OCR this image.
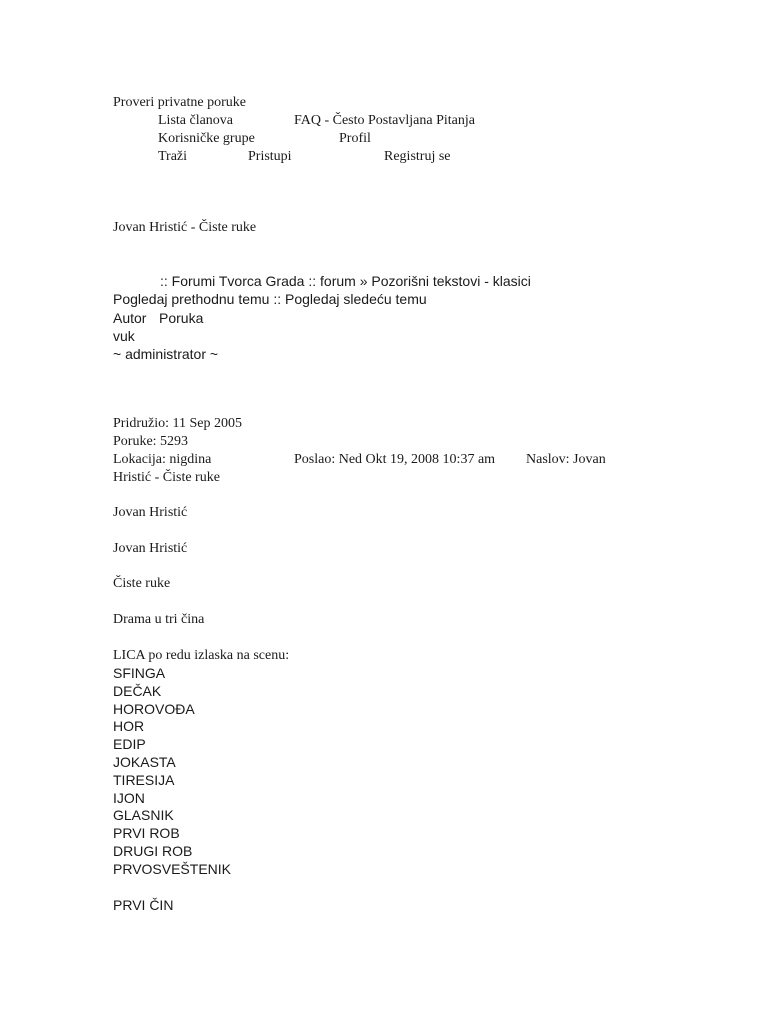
Proveri privatne poruke
Lista članova	FAQ - Često Postavljana Pitanja
Korisničke grupe	Profil
Traži	Pristupi	Registruj se
Jovan Hristić - Čiste ruke
:: Forumi Tvorca Grada :: forum » Pozorišni tekstovi - klasici
Pogledaj prethodnu temu :: Pogledaj sledeću temu
Autor Poruka
vuk
~ administrator ~
Pridružio: 11 Sep 2005
Poruke: 5293
Lokacija: nigdina	Poslao: Ned Okt 19, 2008 10:37 am Naslov: Jovan
Hristić - Čiste ruke
Jovan Hristić
Jovan Hristić
Čiste ruke
Drama u tri čina
LICA po redu izlaska na scenu:
SFINGA
DEČAK
HOROVOĐA
HOR
EDIP
JOKASTA
TIRESIJA
IJON
GLASNIK
PRVI ROB
DRUGI ROB
PRVOSVEŠTENIK
PRVI ČIN
